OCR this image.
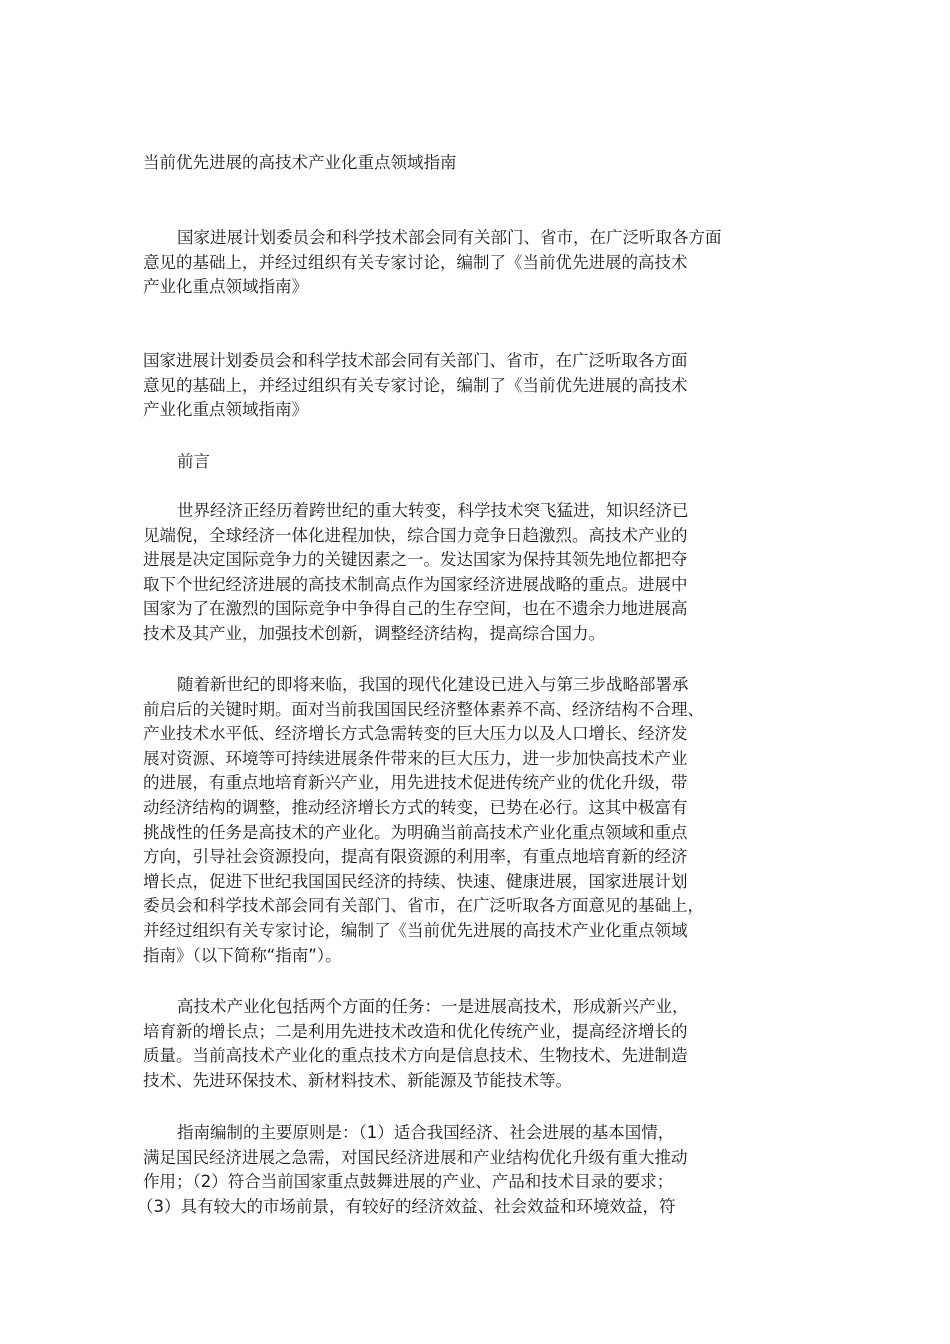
当前优先进展的高技术产业化重点领域指南
国家进展计划委员会和科学技术部会同有关部门、省市，在广泛听取各方面
意见的基础上，并经过组织有关专家讨论，编制了《当前优先进展的高技术
产业化重点领域指南》
国家进展计划委员会和科学技术部会同有关部门、省市，在广泛听取各方面
意见的基础上，并经过组织有关专家讨论，编制了《当前优先进展的高技术
产业化重点领域指南》
前言
世界经济正经历着跨世纪的重大转变，科学技术突飞猛进，知识经济已
见端倪，全球经济一体化进程加快，综合国力竞争日趋激烈。高技术产业的
进展是决定国际竞争力的关键因素之一。发达国家为保持其领先地位都把夺
取下个世纪经济进展的高技术制高点作为国家经济进展战略的重点。进展中
国家为了在激烈的国际竞争中争得自己的生存空间，也在不遗余力地进展高
技术及其产业，加强技术创新，调整经济结构，提高综合国力。
随着新世纪的即将来临，我国的现代化建设已进入与第三步战略部署承
前启后的关键时期。面对当前我国国民经济整体素养不高、经济结构不合理、
产业技术水平低、经济增长方式急需转变的巨大压力以及人口增长、经济发
展对资源、环境等可持续进展条件带来的巨大压力，进一步加快高技术产业
的进展，有重点地培育新兴产业，用先进技术促进传统产业的优化升级，带
动经济结构的调整，推动经济增长方式的转变，已势在必行。这其中极富有
挑战性的任务是高技术的产业化。为明确当前高技术产业化重点领域和重点
方向，引导社会资源投向，提高有限资源的利用率，有重点地培育新的经济
增长点，促进下世纪我国国民经济的持续、快速、健康进展，国家进展计划
委员会和科学技术部会同有关部门、省市，在广泛听取各方面意见的基础上，
并经过组织有关专家讨论，编制了《当前优先进展的高技术产业化重点领域
指南》（以下简称“指南”）。
高技术产业化包括两个方面的任务：一是进展高技术，形成新兴产业，
培育新的增长点；二是利用先进技术改造和优化传统产业，提高经济增长的
质量。当前高技术产业化的重点技术方向是信息技术、生物技术、先进制造
技术、先进环保技术、新材料技术、新能源及节能技术等。
指南编制的主要原则是：（1）适合我国经济、社会进展的基本国情，
满足国民经济进展之急需，对国民经济进展和产业结构优化升级有重大推动
作用；（2）符合当前国家重点鼓舞进展的产业、产品和技术目录的要求；
（3）具有较大的市场前景，有较好的经济效益、社会效益和环境效益，符
